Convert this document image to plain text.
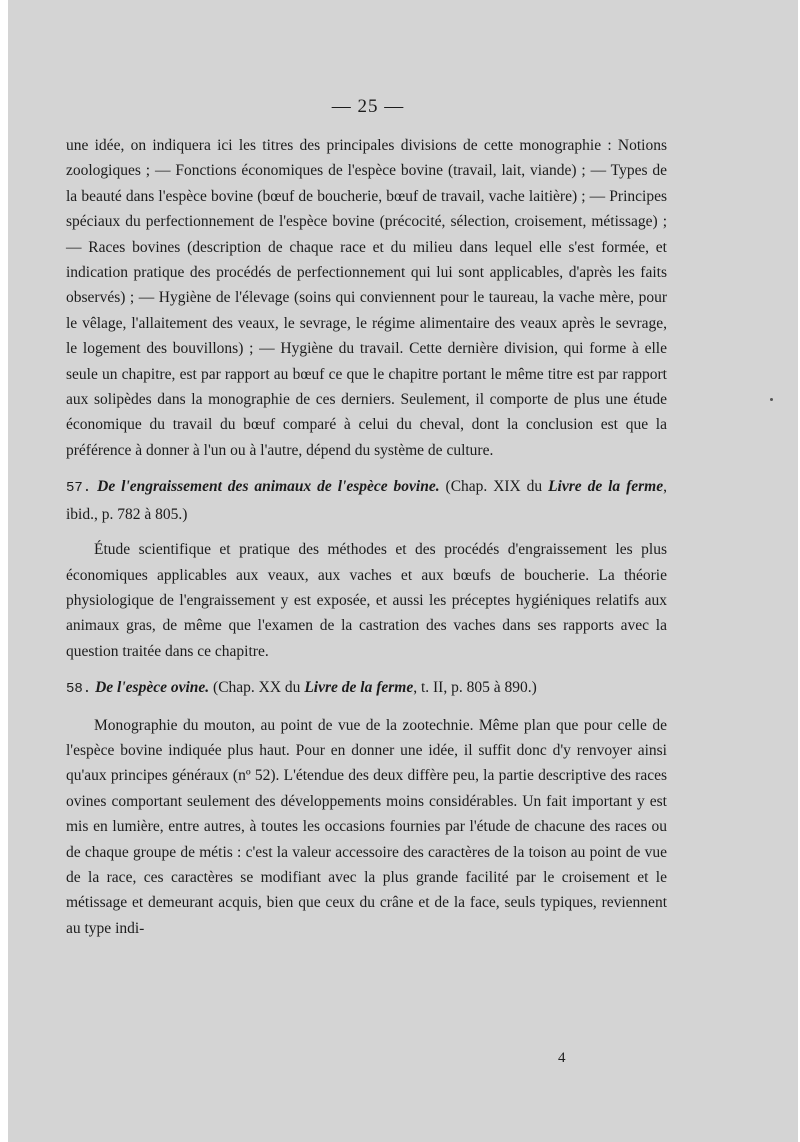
— 25 —

une idée, on indiquera ici les titres des principales divisions de cette monographie : Notions zoologiques ; — Fonctions économiques de l'espèce bovine (travail, lait, viande) ; — Types de la beauté dans l'espèce bovine (bœuf de boucherie, bœuf de travail, vache laitière) ; — Principes spéciaux du perfectionnement de l'espèce bovine (précocité, sélection, croisement, métissage) ; — Races bovines (description de chaque race et du milieu dans lequel elle s'est formée, et indication pratique des procédés de perfectionnement qui lui sont applicables, d'après les faits observés) ; — Hygiène de l'élevage (soins qui conviennent pour le taureau, la vache mère, pour le vêlage, l'allaitement des veaux, le sevrage, le régime alimentaire des veaux après le sevrage, le logement des bouvillons) ; — Hygiène du travail. Cette dernière division, qui forme à elle seule un chapitre, est par rapport au bœuf ce que le chapitre portant le même titre est par rapport aux solipèdes dans la monographie de ces derniers. Seulement, il comporte de plus une étude économique du travail du bœuf comparé à celui du cheval, dont la conclusion est que la préférence à donner à l'un ou à l'autre, dépend du système de culture.

57. De l'engraissement des animaux de l'espèce bovine. (Chap. XIX du Livre de la ferme, ibid., p. 782 à 805.)

Étude scientifique et pratique des méthodes et des procédés d'engraissement les plus économiques applicables aux veaux, aux vaches et aux bœufs de boucherie. La théorie physiologique de l'engraissement y est exposée, et aussi les préceptes hygiéniques relatifs aux animaux gras, de même que l'examen de la castration des vaches dans ses rapports avec la question traitée dans ce chapitre.

58. De l'espèce ovine. (Chap. XX du Livre de la ferme, t. II, p. 805 à 890.)

Monographie du mouton, au point de vue de la zootechnie. Même plan que pour celle de l'espèce bovine indiquée plus haut. Pour en donner une idée, il suffit donc d'y renvoyer ainsi qu'aux principes généraux (nº 52). L'étendue des deux diffère peu, la partie descriptive des races ovines comportant seulement des développements moins considérables. Un fait important y est mis en lumière, entre autres, à toutes les occasions fournies par l'étude de chacune des races ou de chaque groupe de métis : c'est la valeur accessoire des caractères de la toison au point de vue de la race, ces caractères se modifiant avec la plus grande facilité par le croisement et le métissage et demeurant acquis, bien que ceux du crâne et de la face, seuls typiques, reviennent au type indi-

4
